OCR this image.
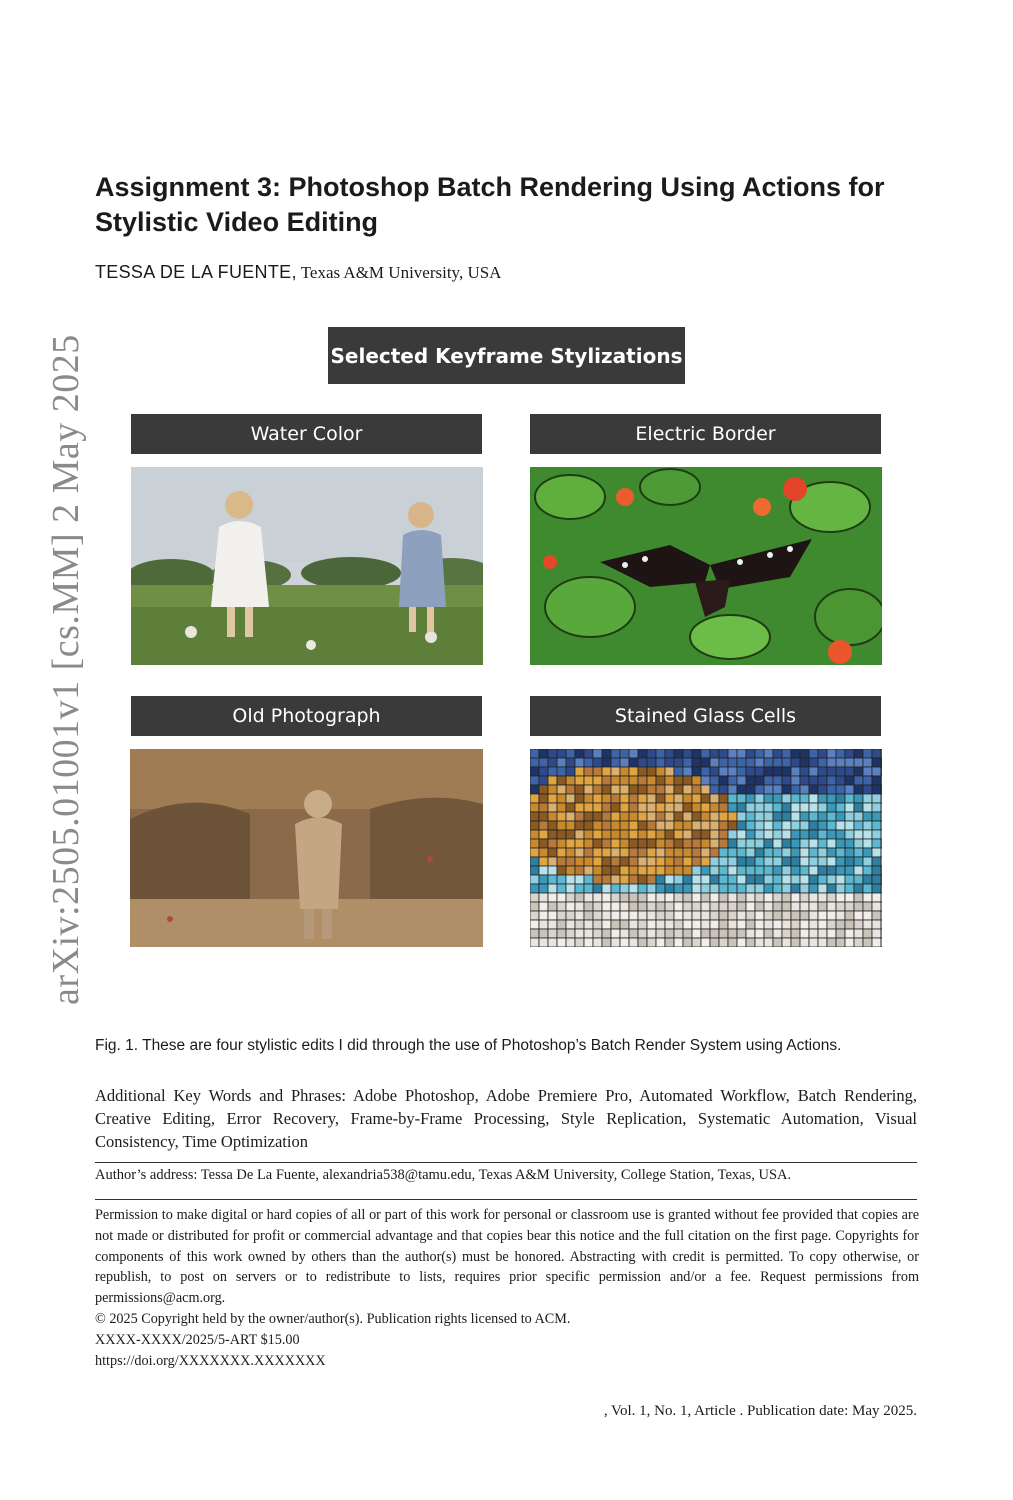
arXiv:2505.01001v1 [cs.MM] 2 May 2025
Assignment 3: Photoshop Batch Rendering Using Actions for Stylistic Video Editing
TESSA DE LA FUENTE, Texas A&M University, USA
Selected Keyframe Stylizations
Water Color	Electric Border
Old Photograph	Stained Glass Cells
Fig. 1. These are four stylistic edits I did through the use of Photoshop’s Batch Render System using Actions.
Additional Key Words and Phrases: Adobe Photoshop, Adobe Premiere Pro, Automated Workflow, Batch Rendering, Creative Editing, Error Recovery, Frame-by-Frame Processing, Style Replication, Systematic Automation, Visual Consistency, Time Optimization
Author’s address: Tessa De La Fuente, alexandria538@tamu.edu, Texas A&M University, College Station, Texas, USA.
Permission to make digital or hard copies of all or part of this work for personal or classroom use is granted without fee provided that copies are not made or distributed for profit or commercial advantage and that copies bear this notice and the full citation on the first page. Copyrights for components of this work owned by others than the author(s) must be honored. Abstracting with credit is permitted. To copy otherwise, or republish, to post on servers or to redistribute to lists, requires prior specific permission and/or a fee. Request permissions from permissions@acm.org.
© 2025 Copyright held by the owner/author(s). Publication rights licensed to ACM.
XXXX-XXXX/2025/5-ART $15.00
https://doi.org/XXXXXXX.XXXXXXX
, Vol. 1, No. 1, Article . Publication date: May 2025.
